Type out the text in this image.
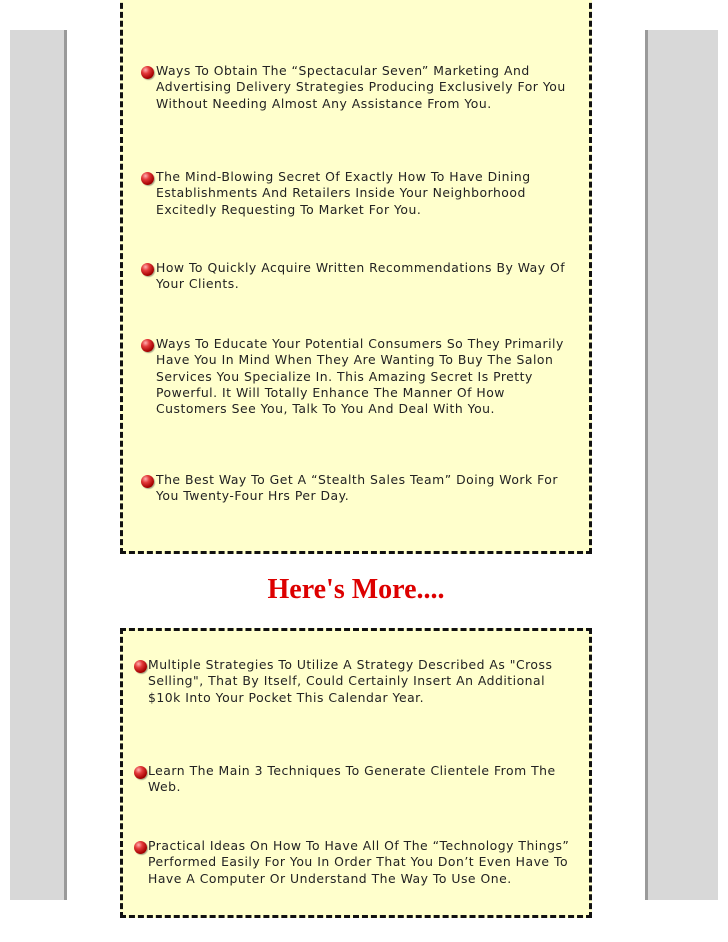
Ways To Obtain The “Spectacular Seven” Marketing And Advertising Delivery Strategies Producing Exclusively For You Without Needing Almost Any Assistance From You.
The Mind-Blowing Secret Of Exactly How To Have Dining Establishments And Retailers Inside Your Neighborhood Excitedly Requesting To Market For You.
How To Quickly Acquire Written Recommendations By Way Of Your Clients.
Ways To Educate Your Potential Consumers So They Primarily Have You In Mind When They Are Wanting To Buy The Salon Services You Specialize In. This Amazing Secret Is Pretty Powerful. It Will Totally Enhance The Manner Of How Customers See You, Talk To You And Deal With You.
The Best Way To Get A “Stealth Sales Team” Doing Work For You Twenty-Four Hrs Per Day.
Here's More....
Multiple Strategies To Utilize A Strategy Described As "Cross Selling", That By Itself, Could Certainly Insert An Additional $10k Into Your Pocket This Calendar Year.
Learn The Main 3 Techniques To Generate Clientele From The Web.
Practical Ideas On How To Have All Of The “Technology Things” Performed Easily For You In Order That You Don’t Even Have To Have A Computer Or Understand The Way To Use One.
